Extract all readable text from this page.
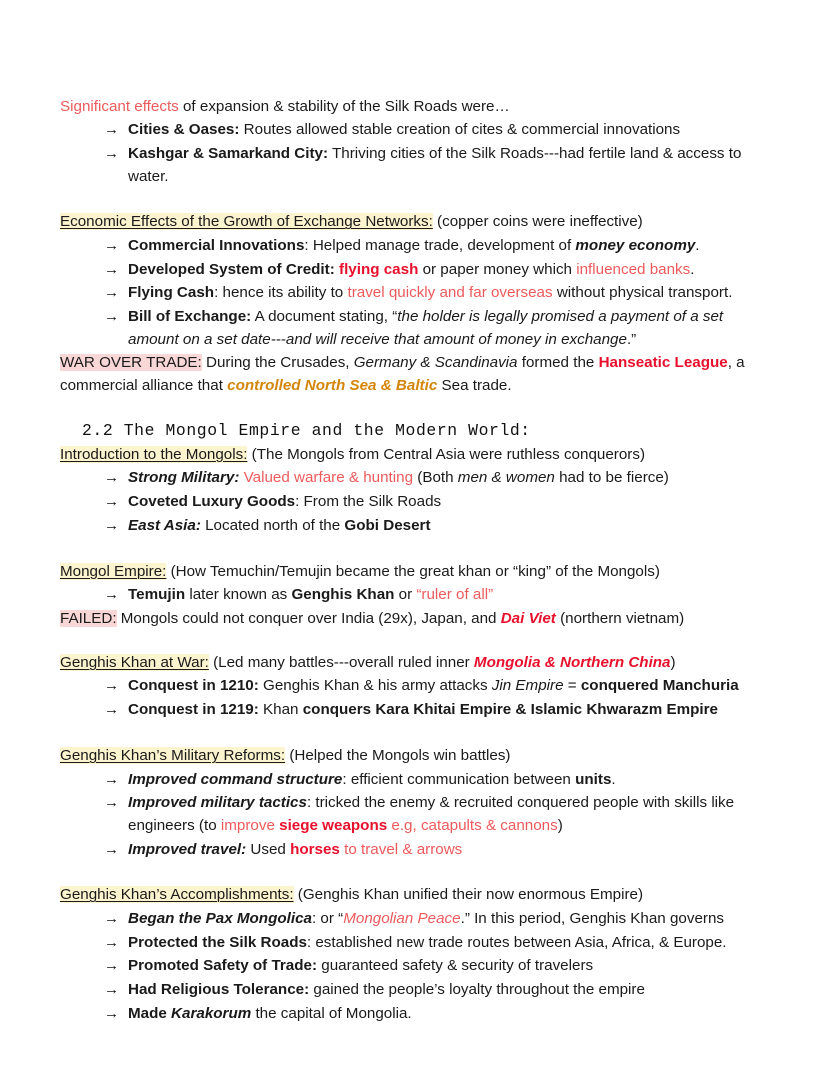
Significant effects of expansion & stability of the Silk Roads were…

→ Cities & Oases: Routes allowed stable creation of cites & commercial innovations
→ Kashgar & Samarkand City: Thriving cities of the Silk Roads---had fertile land & access to water.

Economic Effects of the Growth of Exchange Networks: (copper coins were ineffective)

→ Commercial Innovations: Helped manage trade, development of money economy.
→ Developed System of Credit: flying cash or paper money which influenced banks.
→ Flying Cash: hence its ability to travel quickly and far overseas without physical transport.
→ Bill of Exchange: A document stating, “the holder is legally promised a payment of a set amount on a set date---and will receive that amount of money in exchange.”

WAR OVER TRADE: During the Crusades, Germany & Scandinavia formed the Hanseatic League, a commercial alliance that controlled North Sea & Baltic Sea trade.

2.2 The Mongol Empire and the Modern World:

Introduction to the Mongols: (The Mongols from Central Asia were ruthless conquerors)

→ Strong Military: Valued warfare & hunting (Both men & women had to be fierce)
→ Coveted Luxury Goods: From the Silk Roads
→ East Asia: Located north of the Gobi Desert

Mongol Empire: (How Temuchin/Temujin became the great khan or “king” of the Mongols)

→ Temujin later known as Genghis Khan or “ruler of all”

FAILED: Mongols could not conquer over India (29x), Japan, and Dai Viet (northern vietnam)

Genghis Khan at War: (Led many battles---overall ruled inner Mongolia & Northern China)

→ Conquest in 1210: Genghis Khan & his army attacks Jin Empire = conquered Manchuria
→ Conquest in 1219: Khan conquers Kara Khitai Empire & Islamic Khwarazm Empire

Genghis Khan’s Military Reforms: (Helped the Mongols win battles)

→ Improved command structure: efficient communication between units.
→ Improved military tactics: tricked the enemy & recruited conquered people with skills like engineers (to improve siege weapons e.g, catapults & cannons)
→ Improved travel: Used horses to travel & arrows

Genghis Khan’s Accomplishments: (Genghis Khan unified their now enormous Empire)

→ Began the Pax Mongolica: or “Mongolian Peace.” In this period, Genghis Khan governs
→ Protected the Silk Roads: established new trade routes between Asia, Africa, & Europe.
→ Promoted Safety of Trade: guaranteed safety & security of travelers
→ Had Religious Tolerance: gained the people’s loyalty throughout the empire
→ Made Karakorum the capital of Mongolia.
